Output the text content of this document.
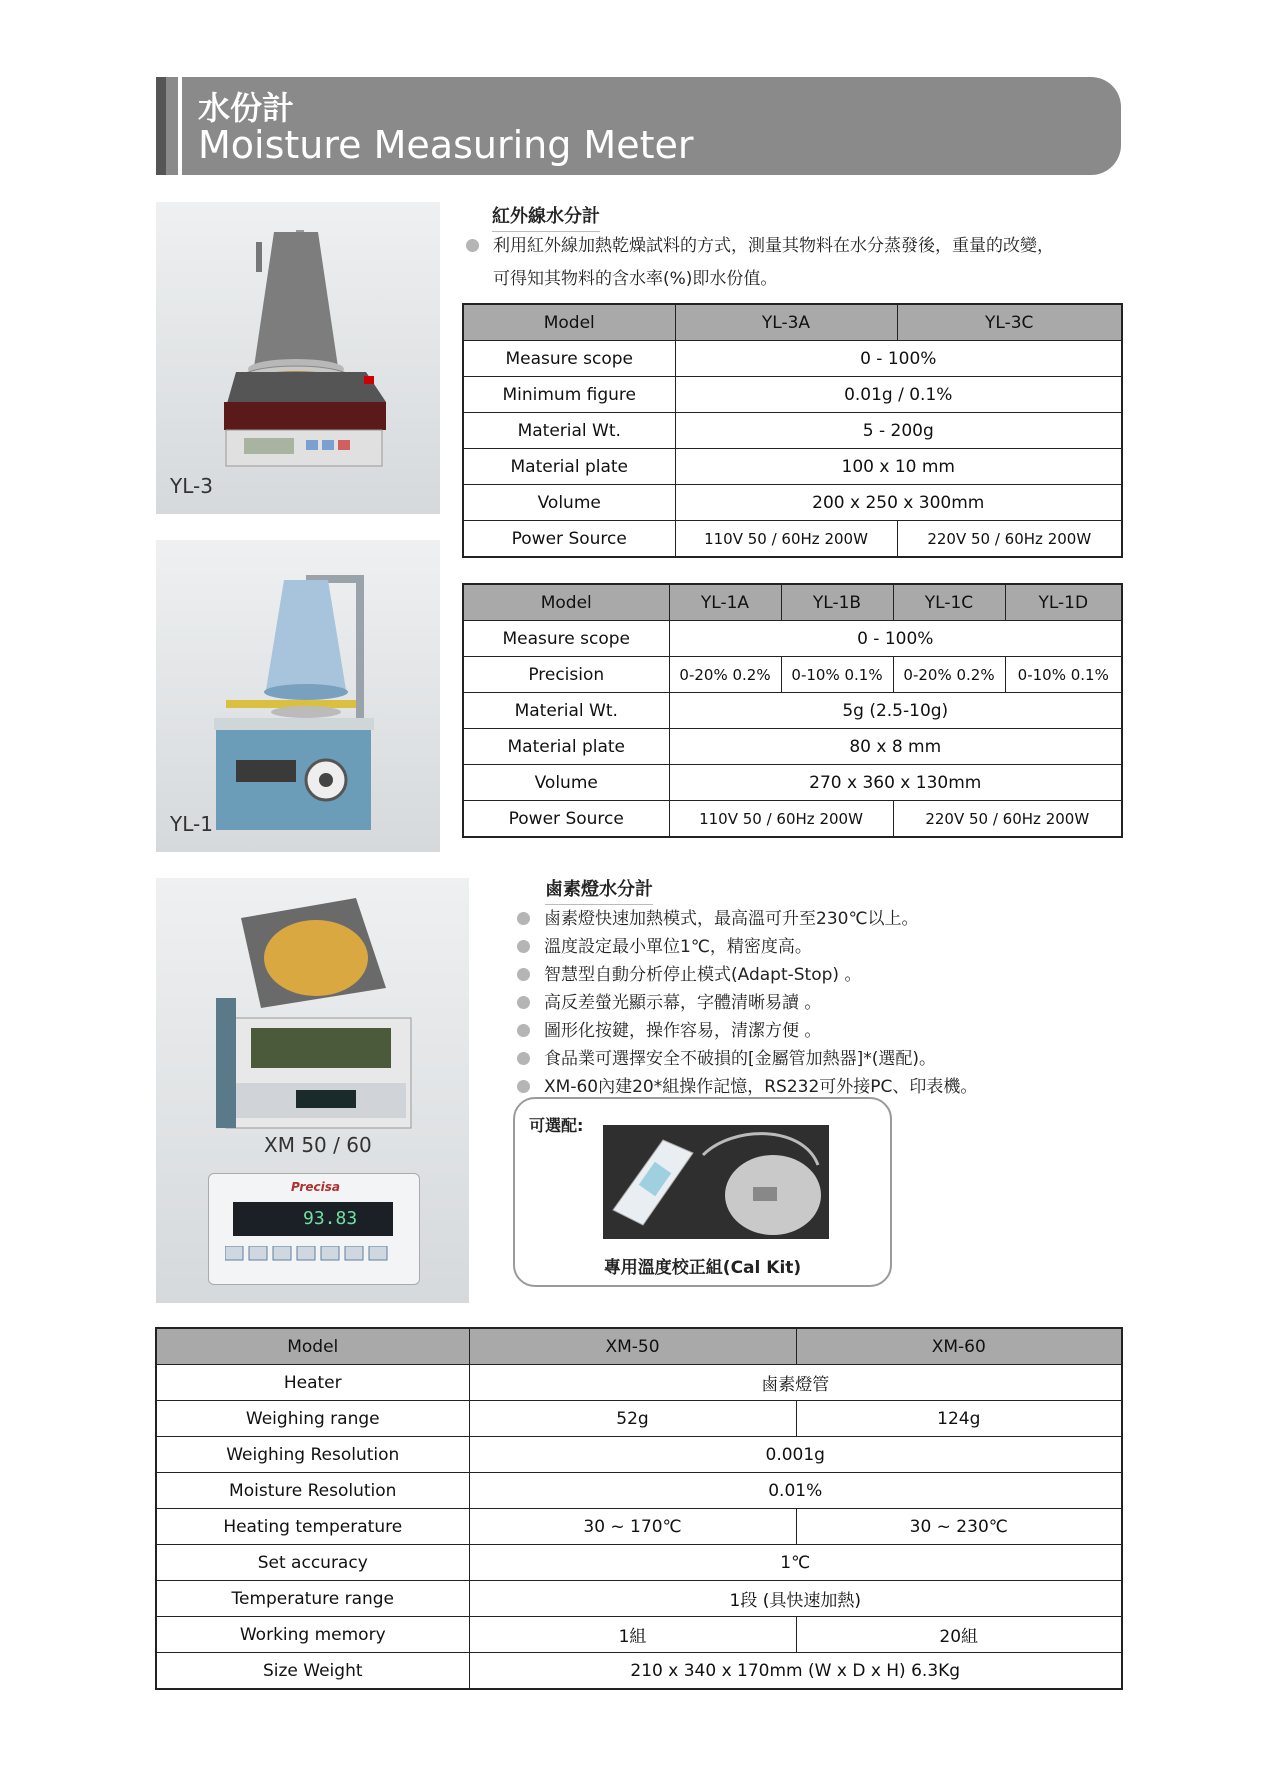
水份計
Moisture Measuring Meter
YL-3
YL-1
XM 50 / 60
Precisa
93.83
紅外線水分計
利用紅外線加熱乾燥試料的方式，測量其物料在水分蒸發後，重量的改變，
可得知其物料的含水率(%)即水份值。
Model	YL-3A	YL-3C
Measure scope	0 - 100%	
Minimum figure	0.01g / 0.1%	
Material Wt.	5 - 200g	
Material plate	100 x 10 mm	
Volume	200 x 250 x 300mm	
Power Source	110V 50 / 60Hz 200W	220V 50 / 60Hz 200W
Model	YL-1A	YL-1B	YL-1C	YL-1D
Measure scope	0 - 100%			
Precision	0-20% 0.2%	0-10% 0.1%	0-20% 0.2%	0-10% 0.1%
Material Wt.	5g (2.5-10g)			
Material plate	80 x 8 mm			
Volume	270 x 360 x 130mm			
Power Source	110V 50 / 60Hz 200W		220V 50 / 60Hz 200W	
鹵素燈水分計
鹵素燈快速加熱模式，最高溫可升至230℃以上。
溫度設定最小單位1℃，精密度高。
智慧型自動分析停止模式(Adapt-Stop) 。
高反差螢光顯示幕，字體清晰易讀 。
圖形化按鍵，操作容易，清潔方便 。
食品業可選擇安全不破損的[金屬管加熱器]*(選配)。
XM-60內建20*組操作記憶，RS232可外接PC、印表機。
可選配:
專用溫度校正組(Cal Kit)
Model	XM-50	XM-60
Heater	鹵素燈管	
Weighing range	52g	124g
Weighing Resolution	0.001g	
Moisture Resolution	0.01%	
Heating temperature	30 ~ 170℃	30 ~ 230℃
Set accuracy	1℃	
Temperature range	1段 (具快速加熱)	
Working memory	1組	20組
Size Weight	210 x 340 x 170mm (W x D x H) 6.3Kg	
